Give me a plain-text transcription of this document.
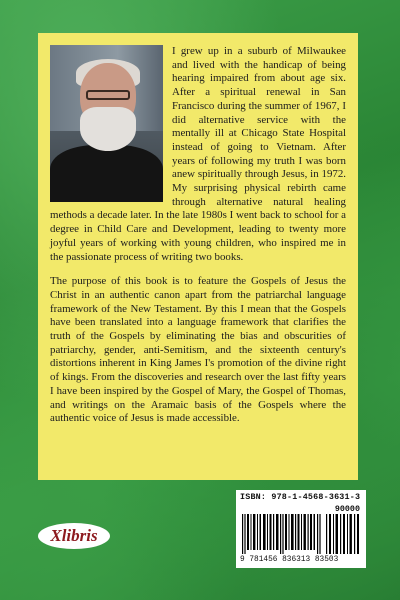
I grew up in a suburb of Milwaukee and lived with the handicap of being hearing impaired from about age six. After a spiritual renewal in San Francisco during the summer of 1967, I did alternative service with the mentally ill at Chicago State Hospital instead of going to Vietnam. After years of following my truth I was born anew spiritually through Jesus, in 1972. My surprising physical rebirth came through alternative natural healing methods a decade later. In the late 1980s I went back to school for a degree in Child Care and Development, leading to twenty more joyful years of working with young children, who inspired me in the passionate process of writing two books.

The purpose of this book is to feature the Gospels of Jesus the Christ in an authentic canon apart from the patriarchal language framework of the New Testament. By this I mean that the Gospels have been translated into a language framework that clarifies the truth of the Gospels by eliminating the bias and obscurities of patriarchy, gender, anti-Semitism, and the sixteenth century's distortions inherent in King James I's promotion of the divine right of kings. From the discoveries and research over the last fifty years I have been inspired by the Gospel of Mary, the Gospel of Thomas, and writings on the Aramaic basis of the Gospels where the authentic voice of Jesus is made accessible.

ISBN: 978-1-4568-3631-3
90000
9 781456 836313 83503
Xlibris
